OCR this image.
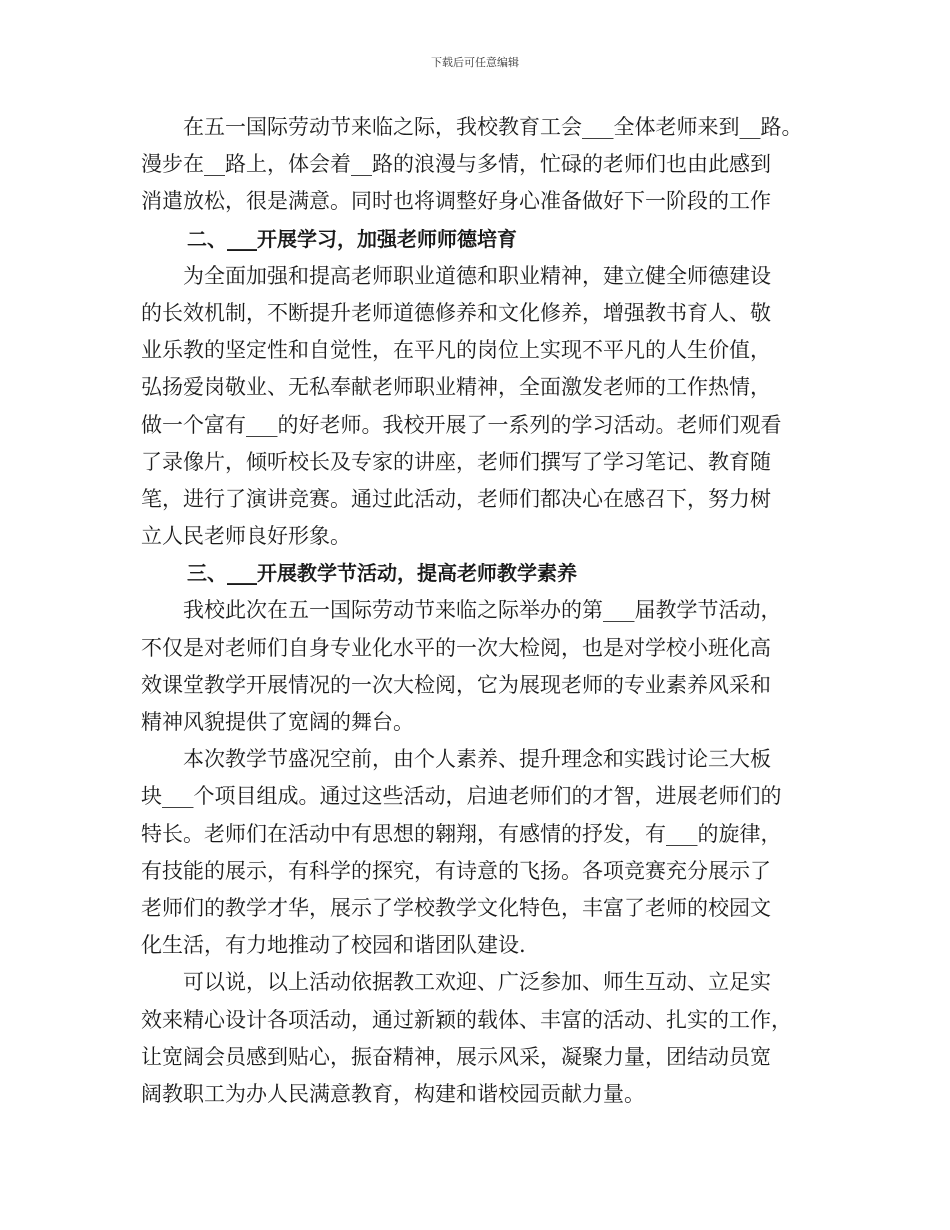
下载后可任意编辑
在五一国际劳动节来临之际，我校教育工会___全体老师来到__路。
漫步在__路上，体会着__路的浪漫与多情，忙碌的老师们也由此感到
消遣放松，很是满意。同时也将调整好身心准备做好下一阶段的工作
二、___开展学习，加强老师师德培育
为全面加强和提高老师职业道德和职业精神，建立健全师德建设
的长效机制，不断提升老师道德修养和文化修养，增强教书育人、敬
业乐教的坚定性和自觉性，在平凡的岗位上实现不平凡的人生价值，
弘扬爱岗敬业、无私奉献老师职业精神，全面激发老师的工作热情，
做一个富有___的好老师。我校开展了一系列的学习活动。老师们观看
了录像片，倾听校长及专家的讲座，老师们撰写了学习笔记、教育随
笔，进行了演讲竞赛。通过此活动，老师们都决心在感召下，努力树
立人民老师良好形象。
三、___开展教学节活动，提高老师教学素养
我校此次在五一国际劳动节来临之际举办的第___届教学节活动，
不仅是对老师们自身专业化水平的一次大检阅，也是对学校小班化高
效课堂教学开展情况的一次大检阅，它为展现老师的专业素养风采和
精神风貌提供了宽阔的舞台。
本次教学节盛况空前，由个人素养、提升理念和实践讨论三大板
块___个项目组成。通过这些活动，启迪老师们的才智，进展老师们的
特长。老师们在活动中有思想的翱翔，有感情的抒发，有___的旋律，
有技能的展示，有科学的探究，有诗意的飞扬。各项竞赛充分展示了
老师们的教学才华，展示了学校教学文化特色，丰富了老师的校园文
化生活，有力地推动了校园和谐团队建设.
可以说，以上活动依据教工欢迎、广泛参加、师生互动、立足实
效来精心设计各项活动，通过新颖的载体、丰富的活动、扎实的工作，
让宽阔会员感到贴心，振奋精神，展示风采，凝聚力量，团结动员宽
阔教职工为办人民满意教育，构建和谐校园贡献力量。
